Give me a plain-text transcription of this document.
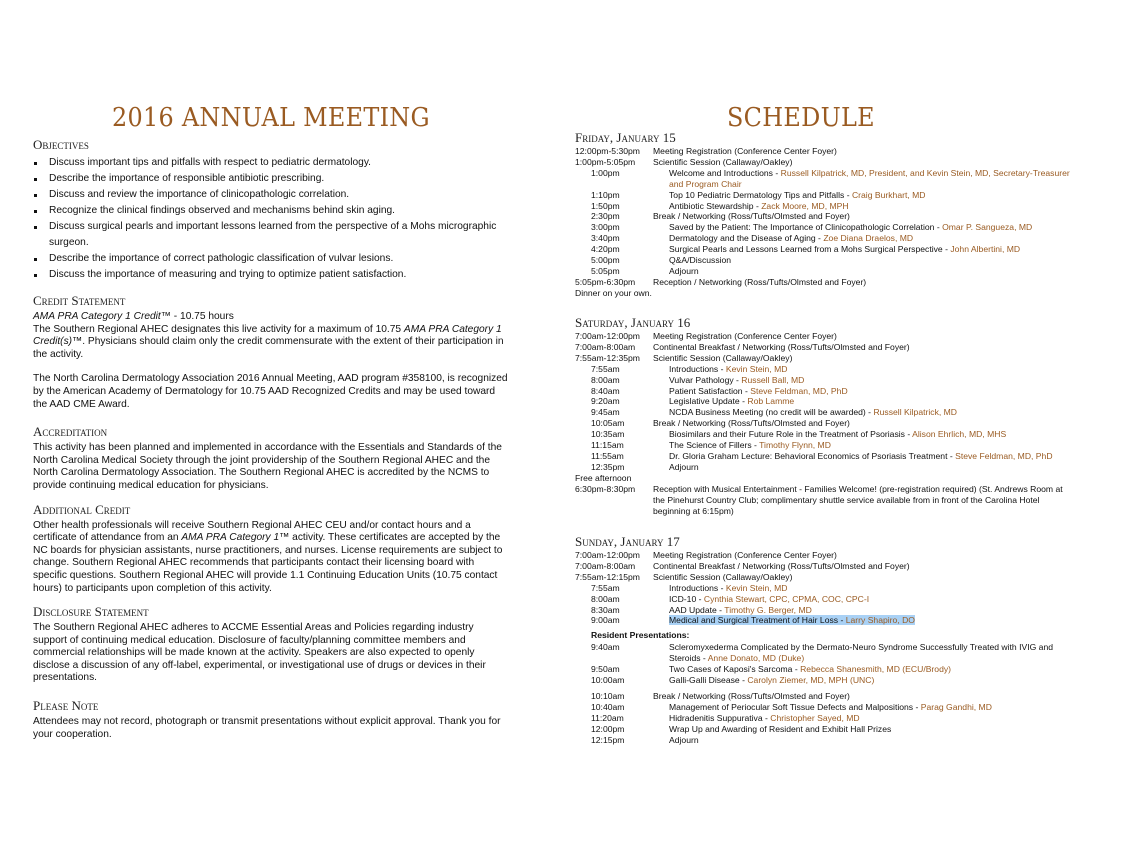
2016 ANNUAL MEETING	SCHEDULE
Objectives
Discuss important tips and pitfalls with respect to pediatric dermatology.
Describe the importance of responsible antibiotic prescribing.
Discuss and review the importance of clinicopathologic correlation.
Recognize the clinical findings observed and mechanisms behind skin aging.
Discuss surgical pearls and important lessons learned from the perspective of a Mohs micrographic surgeon.
Describe the importance of correct pathologic classification of vulvar lesions.
Discuss the importance of measuring and trying to optimize patient satisfaction.
Credit Statement
AMA PRA Category 1 Credit™ - 10.75 hours

The Southern Regional AHEC designates this live activity for a maximum of 10.75 AMA PRA Category 1 Credit(s)™. Physicians should claim only the credit commensurate with the extent of their participation in the activity.

The North Carolina Dermatology Association 2016 Annual Meeting, AAD program #358100, is recognized by the American Academy of Dermatology for 10.75 AAD Recognized Credits and may be used toward the AAD CME Award.

Accreditation

This activity has been planned and implemented in accordance with the Essentials and Standards of the North Carolina Medical Society through the joint providership of the Southern Regional AHEC and the North Carolina Dermatology Association. The Southern Regional AHEC is accredited by the NCMS to provide continuing medical education for physicians.

Additional Credit

Other health professionals will receive Southern Regional AHEC CEU and/or contact hours and a certificate of attendance from an AMA PRA Category 1™ activity. These certificates are accepted by the NC boards for physician assistants, nurse practitioners, and nurses. License requirements are subject to change. Southern Regional AHEC recommends that participants contact their licensing board with specific questions. Southern Regional AHEC will provide 1.1 Continuing Education Units (10.75 contact hours) to participants upon completion of this activity.

Disclosure Statement

The Southern Regional AHEC adheres to ACCME Essential Areas and Policies regarding industry support of continuing medical education. Disclosure of faculty/planning committee members and commercial relationships will be made known at the activity. Speakers are also expected to openly disclose a discussion of any off-label, experimental, or investigational use of drugs or devices in their presentations.

Please Note

Attendees may not record, photograph or transmit presentations without explicit approval. Thank you for your cooperation.

Friday, January 15
12:00pm-5:30pm Meeting Registration (Conference Center Foyer)
1:00pm-5:05pm Scientific Session (Callaway/Oakley)
1:00pm	Welcome and Introductions - Russell Kilpatrick, MD, President, and Kevin Stein, MD, Secretary-Treasurer and Program Chair
1:10pm	Top 10 Pediatric Dermatology Tips and Pitfalls - Craig Burkhart, MD
1:50pm	Antibiotic Stewardship - Zack Moore, MD, MPH
2:30pm	Break / Networking (Ross/Tufts/Olmsted and Foyer)
3:00pm	Saved by the Patient: The Importance of Clinicopathologic Correlation - Omar P. Sangueza, MD
3:40pm	Dermatology and the Disease of Aging - Zoe Diana Draelos, MD
4:20pm	Surgical Pearls and Lessons Learned from a Mohs Surgical Perspective - John Albertini, MD
5:00pm	Q&A/Discussion
5:05pm	Adjourn
5:05pm-6:30pm Reception / Networking (Ross/Tufts/Olmsted and Foyer)
Dinner on your own.
Saturday, January 16
7:00am-12:00pm Meeting Registration (Conference Center Foyer)
7:00am-8:00am Continental Breakfast / Networking (Ross/Tufts/Olmsted and Foyer)
7:55am-12:35pm Scientific Session (Callaway/Oakley)
7:55am	Introductions - Kevin Stein, MD
8:00am	Vulvar Pathology - Russell Ball, MD
8:40am	Patient Satisfaction - Steve Feldman, MD, PhD
9:20am	Legislative Update - Rob Lamme
9:45am	NCDA Business Meeting (no credit will be awarded) - Russell Kilpatrick, MD
10:05am	Break / Networking (Ross/Tufts/Olmsted and Foyer)
10:35am	Biosimilars and their Future Role in the Treatment of Psoriasis - Alison Ehrlich, MD, MHS
11:15am	The Science of Fillers - Timothy Flynn, MD
11:55am	Dr. Gloria Graham Lecture: Behavioral Economics of Psoriasis Treatment - Steve Feldman, MD, PhD
12:35pm	Adjourn
Free afternoon
6:30pm-8:30pm Reception with Musical Entertainment - Families Welcome! (pre-registration required) (St. Andrews Room at the Pinehurst Country Club; complimentary shuttle service available from in front of the Carolina Hotel beginning at 6:15pm)
Sunday, January 17
7:00am-12:00pm Meeting Registration (Conference Center Foyer)
7:00am-8:00am Continental Breakfast / Networking (Ross/Tufts/Olmsted and Foyer)
7:55am-12:15pm Scientific Session (Callaway/Oakley)
7:55am	Introductions - Kevin Stein, MD
8:00am	ICD-10 - Cynthia Stewart, CPC, CPMA, COC, CPC-I
8:30am	AAD Update - Timothy G. Berger, MD
9:00am	Medical and Surgical Treatment of Hair Loss - Larry Shapiro, DO
Resident Presentations:
9:40am	Scleromyxederma Complicated by the Dermato-Neuro Syndrome Successfully Treated with IVIG and Steroids - Anne Donato, MD (Duke)
9:50am	Two Cases of Kaposi's Sarcoma - Rebecca Shanesmith, MD (ECU/Brody)
10:00am	Galli-Galli Disease - Carolyn Ziemer, MD, MPH (UNC)
10:10am	Break / Networking (Ross/Tufts/Olmsted and Foyer)
10:40am	Management of Periocular Soft Tissue Defects and Malpositions - Parag Gandhi, MD
11:20am	Hidradenitis Suppurativa - Christopher Sayed, MD
12:00pm	Wrap Up and Awarding of Resident and Exhibit Hall Prizes
12:15pm	Adjourn
